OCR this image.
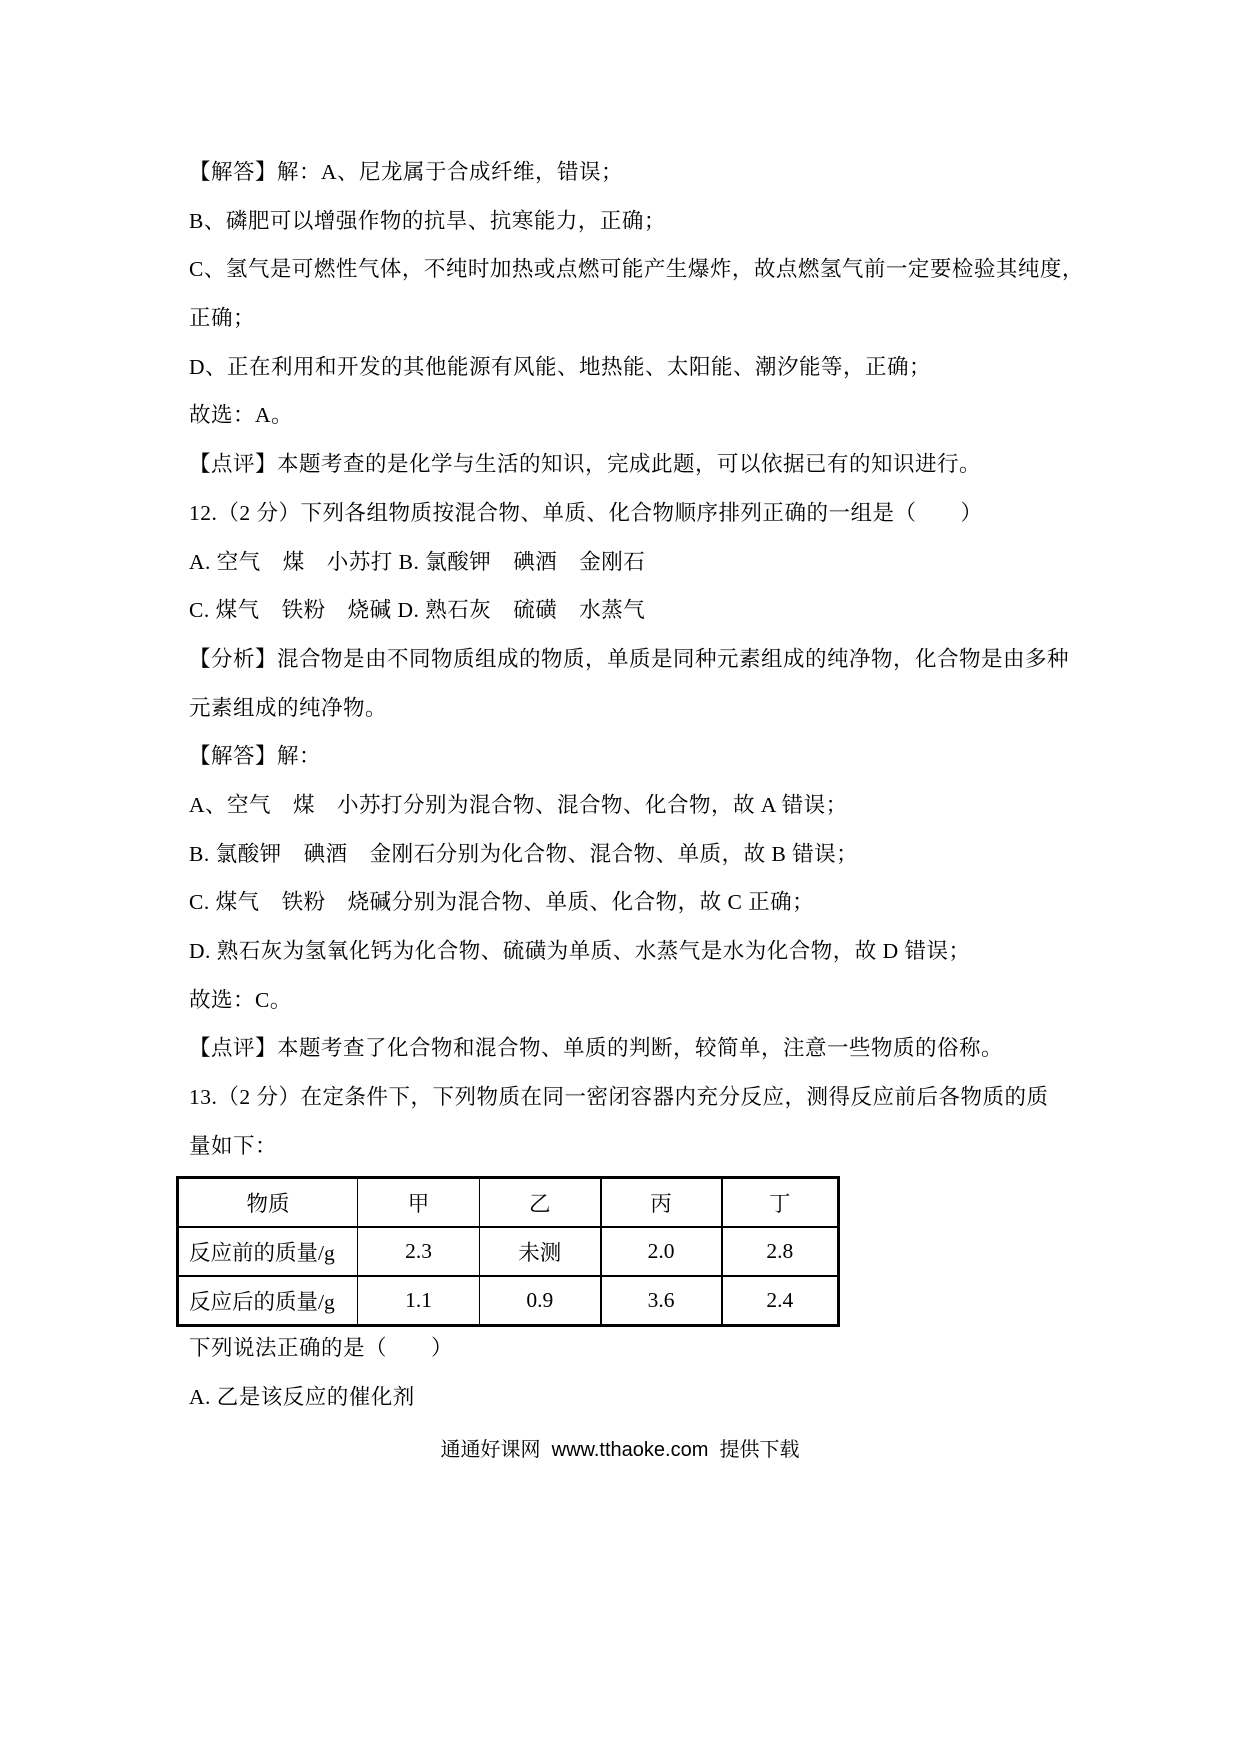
【解答】解：A、尼龙属于合成纤维，错误；
B、磷肥可以增强作物的抗旱、抗寒能力，正确；
C、氢气是可燃性气体，不纯时加热或点燃可能产生爆炸，故点燃氢气前一定要检验其纯度，
正确；
D、正在利用和开发的其他能源有风能、地热能、太阳能、潮汐能等，正确；
故选：A。
【点评】本题考查的是化学与生活的知识，完成此题，可以依据已有的知识进行。
12.（2 分）下列各组物质按混合物、单质、化合物顺序排列正确的一组是（　　）
A. 空气　煤　小苏打 B. 氯酸钾　碘酒　金刚石
C. 煤气　铁粉　烧碱 D. 熟石灰　硫磺　水蒸气
【分析】混合物是由不同物质组成的物质，单质是同种元素组成的纯净物，化合物是由多种
元素组成的纯净物。
【解答】解：
A、空气　煤　小苏打分别为混合物、混合物、化合物，故 A 错误；
B. 氯酸钾　碘酒　金刚石分别为化合物、混合物、单质，故 B 错误；
C. 煤气　铁粉　烧碱分别为混合物、单质、化合物，故 C 正确；
D. 熟石灰为氢氧化钙为化合物、硫磺为单质、水蒸气是水为化合物，故 D 错误；
故选：C。
【点评】本题考查了化合物和混合物、单质的判断，较简单，注意一些物质的俗称。
13.（2 分）在定条件下，下列物质在同一密闭容器内充分反应，测得反应前后各物质的质
量如下：
物质	甲	乙	丙	丁
反应前的质量/g	2.3	未测	2.0	2.8
反应后的质量/g	1.1	0.9	3.6	2.4
下列说法正确的是（　　）
A. 乙是该反应的催化剂
通通好课网  www.tthaoke.com  提供下载
